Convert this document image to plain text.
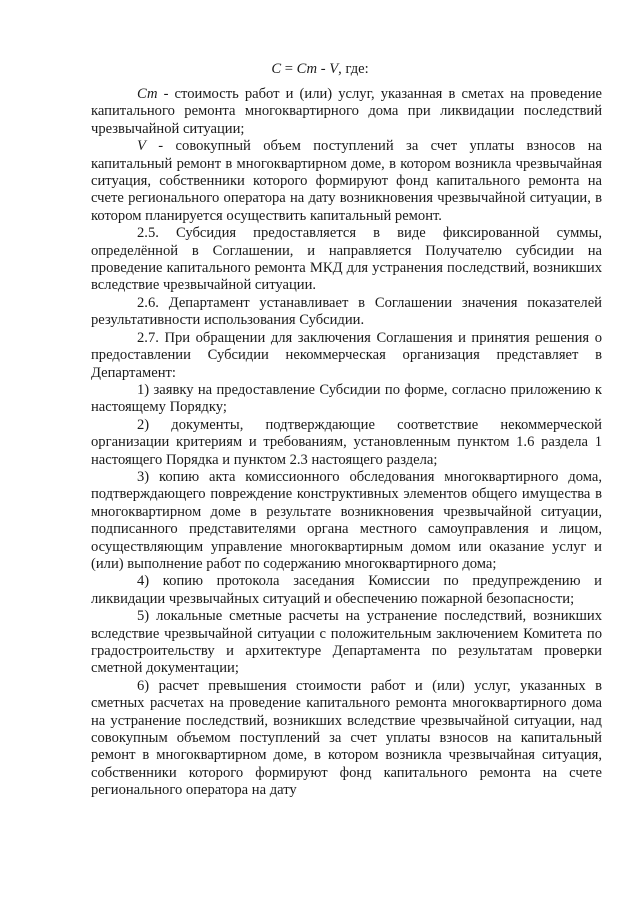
С = Ст - V, где:

Ст - стоимость работ и (или) услуг, указанная в сметах на проведение капитального ремонта многоквартирного дома при ликвидации последствий чрезвычайной ситуации;

V - совокупный объем поступлений за счет уплаты взносов на капитальный ремонт в многоквартирном доме, в котором возникла чрезвычайная ситуация, собственники которого формируют фонд капитального ремонта на счете регионального оператора на дату возникновения чрезвычайной ситуации, в котором планируется осуществить капитальный ремонт.

2.5. Субсидия предоставляется в виде фиксированной суммы, определённой в Соглашении, и направляется Получателю субсидии на проведение капитального ремонта МКД для устранения последствий, возникших вследствие чрезвычайной ситуации.

2.6. Департамент устанавливает в Соглашении значения показателей результативности использования Субсидии.

2.7. При обращении для заключения Соглашения и принятия решения о предоставлении Субсидии некоммерческая организация представляет в Департамент:

1) заявку на предоставление Субсидии по форме, согласно приложению к настоящему Порядку;

2) документы, подтверждающие соответствие некоммерческой организации критериям и требованиям, установленным пунктом 1.6 раздела 1 настоящего Порядка и пунктом 2.3 настоящего раздела;

3) копию акта комиссионного обследования многоквартирного дома, подтверждающего повреждение конструктивных элементов общего имущества в многоквартирном доме в результате возникновения чрезвычайной ситуации, подписанного представителями органа местного самоуправления и лицом, осуществляющим управление многоквартирным домом или оказание услуг и (или) выполнение работ по содержанию многоквартирного дома;

4) копию протокола заседания Комиссии по предупреждению и ликвидации чрезвычайных ситуаций и обеспечению пожарной безопасности;

5) локальные сметные расчеты на устранение последствий, возникших вследствие чрезвычайной ситуации с положительным заключением Комитета по градостроительству и архитектуре Департамента по результатам проверки сметной документации;

6) расчет превышения стоимости работ и (или) услуг, указанных в сметных расчетах на проведение капитального ремонта многоквартирного дома на устранение последствий, возникших вследствие чрезвычайной ситуации, над совокупным объемом поступлений за счет уплаты взносов на капитальный ремонт в многоквартирном доме, в котором возникла чрезвычайная ситуация, собственники которого формируют фонд капитального ремонта на счете регионального оператора на дату
